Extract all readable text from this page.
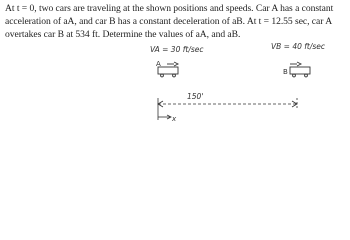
At t = 0, two cars are traveling at the shown positions and speeds. Car A has a constant

acceleration of aA, and car B has a constant deceleration of aB. At t = 12.55 sec, car A

overtakes car B at 534 ft. Determine the values of aA, and aB.

VA = 30 ft/sec	VB = 40 ft/sec
A
B
150'
x
